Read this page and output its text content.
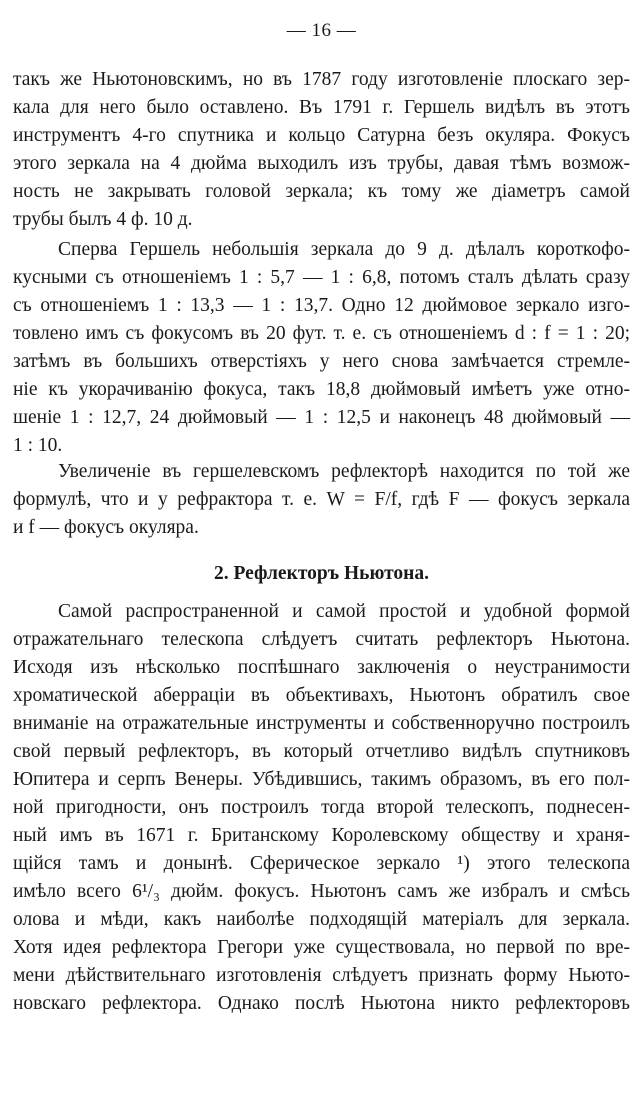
— 16 —
такъ же Ньютоновскимъ, но въ 1787 году изготовленіе плоскаго зер-
кала для него было оставлено. Въ 1791 г. Гершель видѣлъ въ этотъ
инструментъ 4-го спутника и кольцо Сатурна безъ окуляра. Фокусъ
этого зеркала на 4 дюйма выходилъ изъ трубы, давая тѣмъ возмож-
ность не закрывать головой зеркала; къ тому же діаметръ самой
трубы былъ 4 ф. 10 д.
Сперва Гершель небольшія зеркала до 9 д. дѣлалъ короткофо-
кусными съ отношеніемъ 1 : 5,7 — 1 : 6,8, потомъ сталъ дѣлать сразу
съ отношеніемъ 1 : 13,3 — 1 : 13,7. Одно 12 дюймовое зеркало изго-
товлено имъ съ фокусомъ въ 20 фут. т. е. съ отношеніемъ d : f = 1 : 20;
затѣмъ въ большихъ отверстіяхъ у него снова замѣчается стремле-
ніе къ укорачиванію фокуса, такъ 18,8 дюймовый имѣетъ уже отно-
шеніе 1 : 12,7, 24 дюймовый — 1 : 12,5 и наконецъ 48 дюймовый —
1 : 10.
Увеличеніе въ гершелевскомъ рефлекторѣ находится по той же
формулѣ, что и у рефрактора т. е. W = F/f, гдѣ F — фокусъ зеркала
и f — фокусъ окуляра.
2. Рефлекторъ Ньютона.
Самой распространенной и самой простой и удобной формой
отражательнаго телескопа слѣдуетъ считать рефлекторъ Ньютона.
Исходя изъ нѣсколько поспѣшнаго заключенія о неустранимости
хроматической аберраціи въ объективахъ, Ньютонъ обратилъ свое
вниманіе на отражательные инструменты и собственноручно построилъ
свой первый рефлекторъ, въ который отчетливо видѣлъ спутниковъ
Юпитера и серпъ Венеры. Убѣдившись, такимъ образомъ, въ его пол-
ной пригодности, онъ построилъ тогда второй телескопъ, поднесен-
ный имъ въ 1671 г. Британскому Королевскому обществу и храня-
щійся тамъ и донынѣ. Сферическое зеркало ¹) этого телескопа
имѣло всего 6¹/₃ дюйм. фокусъ. Ньютонъ самъ же избралъ и смѣсь
олова и мѣди, какъ наиболѣе подходящій матеріалъ для зеркала.
Хотя идея рефлектора Грегори уже существовала, но первой по вре-
мени дѣйствительнаго изготовленія слѣдуетъ признать форму Ньюто-
новскаго рефлектора. Однако послѣ Ньютона никто рефлекторовъ
